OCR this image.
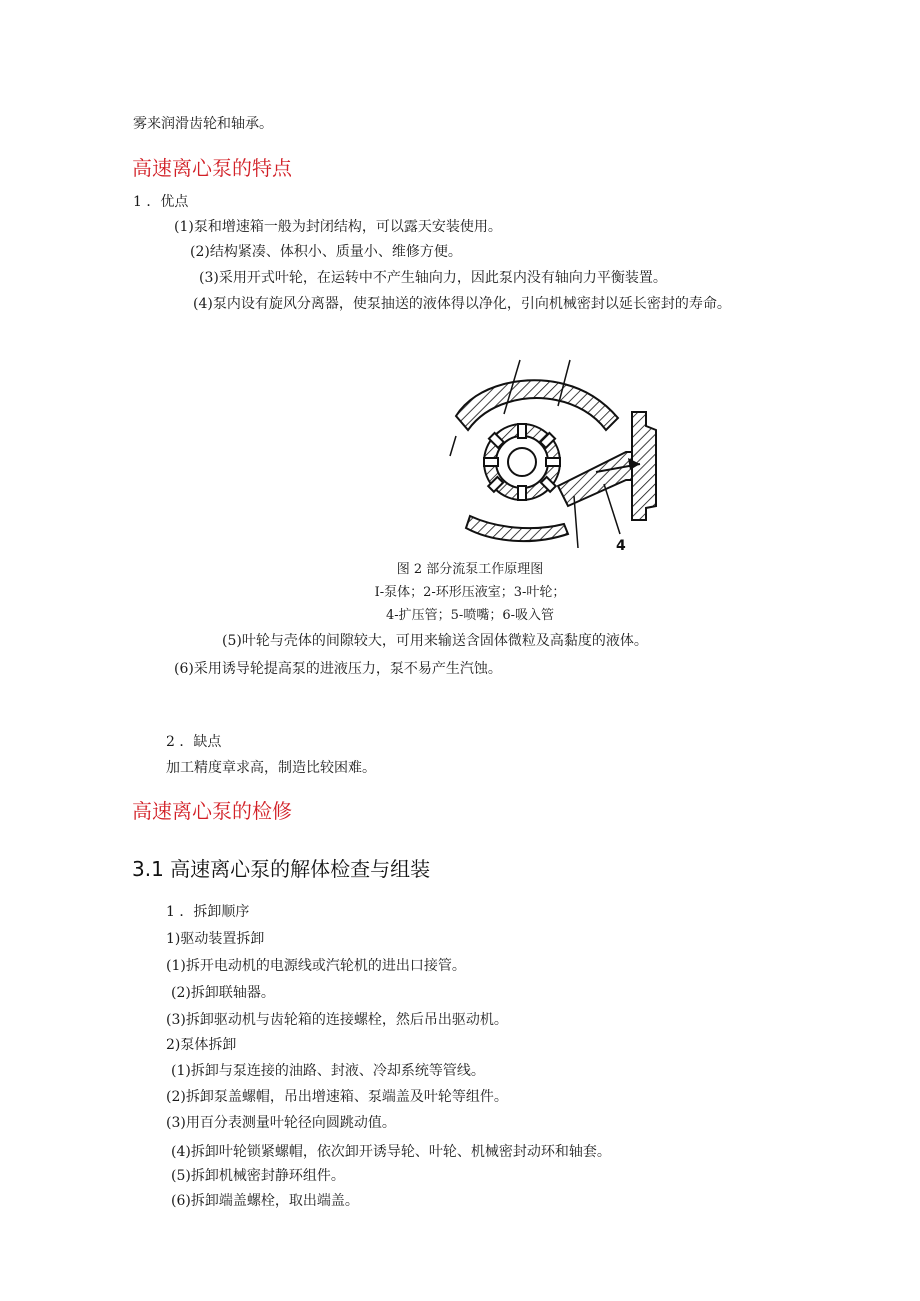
雾来润滑齿轮和轴承。
高速离心泵的特点
1 ．优点
(1)泵和增速箱一般为封闭结构，可以露天安装使用。
(2)结构紧凑、体积小、质量小、维修方便。
(3)采用开式叶轮，在运转中不产生轴向力，因此泵内没有轴向力平衡装置。
(4)泵内设有旋风分离器，使泵抽送的液体得以净化，引向机械密封以延长密封的寿命。
4
图 2 部分流泵工作原理图
I-泵体；2-环形压液室；3-叶轮；
4-扩压管；5-喷嘴；6-吸入管
(5)叶轮与壳体的间隙较大，可用来输送含固体微粒及高黏度的液体。
(6)采用诱导轮提高泵的进液压力，泵不易产生汽蚀。
2 ．缺点
加工精度章求高，制造比较困难。
高速离心泵的检修
3.1 高速离心泵的解体检查与组装
1 ．拆卸顺序
1)驱动装置拆卸
(1)拆开电动机的电源线或汽轮机的进出口接管。
(2)拆卸联轴器。
(3)拆卸驱动机与齿轮箱的连接螺栓，然后吊出驱动机。
2)泵体拆卸
(1)拆卸与泵连接的油路、封液、冷却系统等管线。
(2)拆卸泵盖螺帽，吊出增速箱、泵端盖及叶轮等组件。
(3)用百分表测量叶轮径向圆跳动值。
(4)拆卸叶轮锁紧螺帽，依次卸开诱导轮、叶轮、机械密封动环和轴套。
(5)拆卸机械密封静环组件。
(6)拆卸端盖螺栓，取出端盖。
